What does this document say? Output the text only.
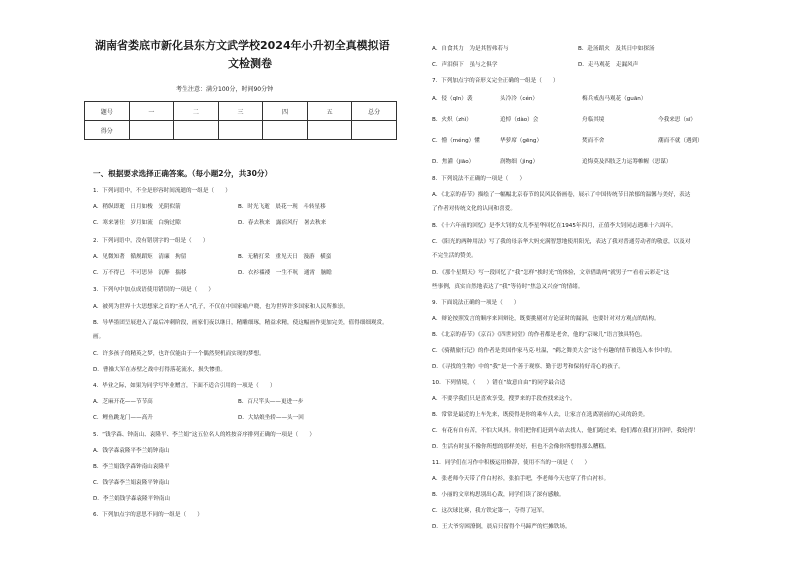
湖南省娄底市新化县东方文武学校2024年小升初全真模拟语
文检测卷
考生注意：满分100分，时间90分钟
题号	一	二	三	四	五	总分
得分						
一、根据要求选择正确答案。（每小题2分，共30分）
1．下列词语中，不全是形容时间流逝的一组是（　　）
A．稍纵即逝　日月如梭　光阴似箭	B．时光飞逝　晨花一现　斗转星移
C．寒来暑往　岁月如流　白驹过隙	D．春去秋来　露宿风行　暑去秋来
2．下列词语中，没有错别字的一组是（　　）
A．见微知著　循规蹈矩　清廉　拘留	B．无精打采　重见天日　漫游　横蛮
C．万不得已　不可思异　沉醉　揣移	D．衣衫褴褛　一生不吭　通霄　脑瞻
3．下列句中加点成语使用错误的一项是（　　）
A．被列为世界十大思想家之首的“圣人”孔子，不仅在中国家喻户晓，也为世界许多国家和人民所推崇。
B．导华墨团呈展进入了最后冲刺阶段，画家们夜以继日，精雕细琢，精益求精，使这幅画作更加完美，值得细细观赏。
画。
C．许多孩子的精英之梦，也许仅能由于一个偶然契机而实现的梦想。
D．曹操大军在赤壁之战中打得落花流水，损失惨重。
4．毕业之际，如果为同学写毕业赠言，下面不适合引用的一项是（　　）
A．芝麻开花——节节高	B．百尺竿头——更进一步
C．鲤鱼跳龙门——高升	D．大姑娘坐轿——头一回
5．“钱学森、钟南山、袁隆平、李兰娟”这五位名人的姓按音序排列正确的一项是（　　）
A．钱学森袁隆平李兰娟钟南山
B．李兰娟钱学森钟南山袁隆平
C．钱学森李兰娟袁隆平钟南山
D．李兰娟钱学森袁隆平钟南山
6．下列加点字的意思不同的一组是（　　）
A．自食其力　为是其智弗若与	B．赴汤蹈火　及其日中如探汤
C．声泪俱下　虽与之俱学	D．走马观花　走漏风声
7．下列加点字的音形义完全正确的一组是（　　）
A．侵（qīn）袭	头冷冷（cén）	梅兵戒齿马观花（guān）
B．火炽（zhì）	追悼（dào）会	舟临其境	今我来思（sī）
C．懵（méng）懂	华萝席（gēng）	焚而不舍	潮而不就（遇到）
D．焦灌（jiāo）	润物细（jìng）	追悔莫及四肢乏力运筹帷幄（思谋）
8．下列说法不正确的一项是（　　）
A．《北京的春节》描绘了一幅幅北京春节的民风民俗画卷，展示了中国传统节日浓郁的温馨与美好，表达
了作者对传统文化的认同和喜爱。
B．《十六年前的回忆》是李大钊的女儿李星华回忆在1945年四月，正值李大钊同志遇难十六周年。
C．《阳光的两种用法》写了我的母亲华大妈充满智慧地使用阳光，表达了我对普通劳动者的敬意，以及对
不完生活的赞美。
D．《那个星期天》写一段回忆了“我”怎样“挨时光”的体验，文章借助两“就男子”“看看云彩走”这
些事例，真实自然地表达了“我”等待时“焦急又兴奋”的情绪。
9．下面说法正确的一项是（　　）
A．辩论按照发言的顺序来回辩论，既要挑剔对方论证时的漏洞，也要针对对方观点的结构。
B．《北京的春节》《京百》《四世同堂》的作者都是老舍，他的“京味儿”语言独具特色。
C．《骑鹅旅行记》的作者是美国作家马克·吐温，“鹈之舞美大会”这个有趣的情节被选入本书中的。
D．《寻找的生物》中的“我”是一个善于观察、勤于思考和保持好奇心的孩子。
10．下列情境，（　　）错在“故意自由”的同学最合适
A．不要学我们只是喜欢享受，搜罗来的手段查找来这个。
B．常常是最近的上车先来，既使得是你的乘车人去，让家言在选离别前的心灵的蔚美。
C．有花有自有苦，不怕大风抖。你们把你们赶到车站去找人，他们跑过来，他们都在我们打招呼，我轮得！
D．生活有时虽不像你所想的那样美好，但也不会像你所想得那么糟糕。
11．同学们在习作中积极运用修辞，使用不当的一项是（　　）
A．张老师今天带了件白衬衫，张拍手吧，李老师今天也穿了件白衬衫。
B．小丽的文章构思别出心裁，同学们读了深有感触。
C．这次球比赛，我方铁定第一，夺得了冠军。
D．王大爷穷困潦倒，晨启只留得个马蹄严的烂摊铁场。
